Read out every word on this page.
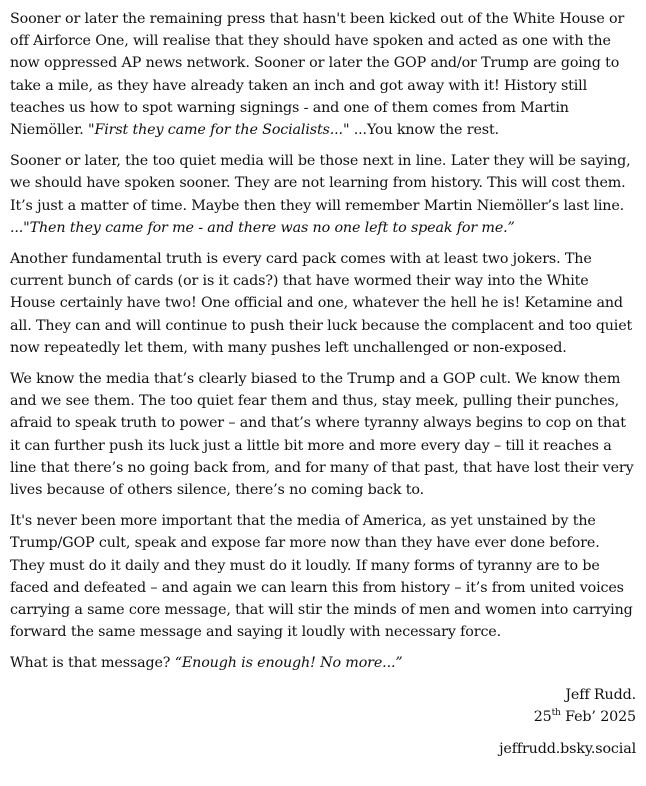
Sooner or later the remaining press that hasn't been kicked out of the White House or off Airforce One, will realise that they should have spoken and acted as one with the now oppressed AP news network. Sooner or later the GOP and/or Trump are going to take a mile, as they have already taken an inch and got away with it! History still teaches us how to spot warning signings - and one of them comes from Martin Niemöller. "First they came for the Socialists..." ...You know the rest.

Sooner or later, the too quiet media will be those next in line. Later they will be saying, we should have spoken sooner. They are not learning from history. This will cost them. It’s just a matter of time. Maybe then they will remember Martin Niemöller’s last line.
..."Then they came for me - and there was no one left to speak for me.”

Another fundamental truth is every card pack comes with at least two jokers. The current bunch of cards (or is it cads?) that have wormed their way into the White House certainly have two! One official and one, whatever the hell he is! Ketamine and all. They can and will continue to push their luck because the complacent and too quiet now repeatedly let them, with many pushes left unchallenged or non-exposed.

We know the media that’s clearly biased to the Trump and a GOP cult. We know them and we see them. The too quiet fear them and thus, stay meek, pulling their punches, afraid to speak truth to power – and that’s where tyranny always begins to cop on that it can further push its luck just a little bit more and more every day – till it reaches a line that there’s no going back from, and for many of that past, that have lost their very lives because of others silence, there’s no coming back to.

It's never been more important that the media of America, as yet unstained by the Trump/GOP cult, speak and expose far more now than they have ever done before. They must do it daily and they must do it loudly. If many forms of tyranny are to be faced and defeated – and again we can learn this from history – it’s from united voices carrying a same core message, that will stir the minds of men and women into carrying forward the same message and saying it loudly with necessary force.

What is that message? “Enough is enough! No more...”

Jeff Rudd.

25th Feb’ 2025

jeffrudd.bsky.social
